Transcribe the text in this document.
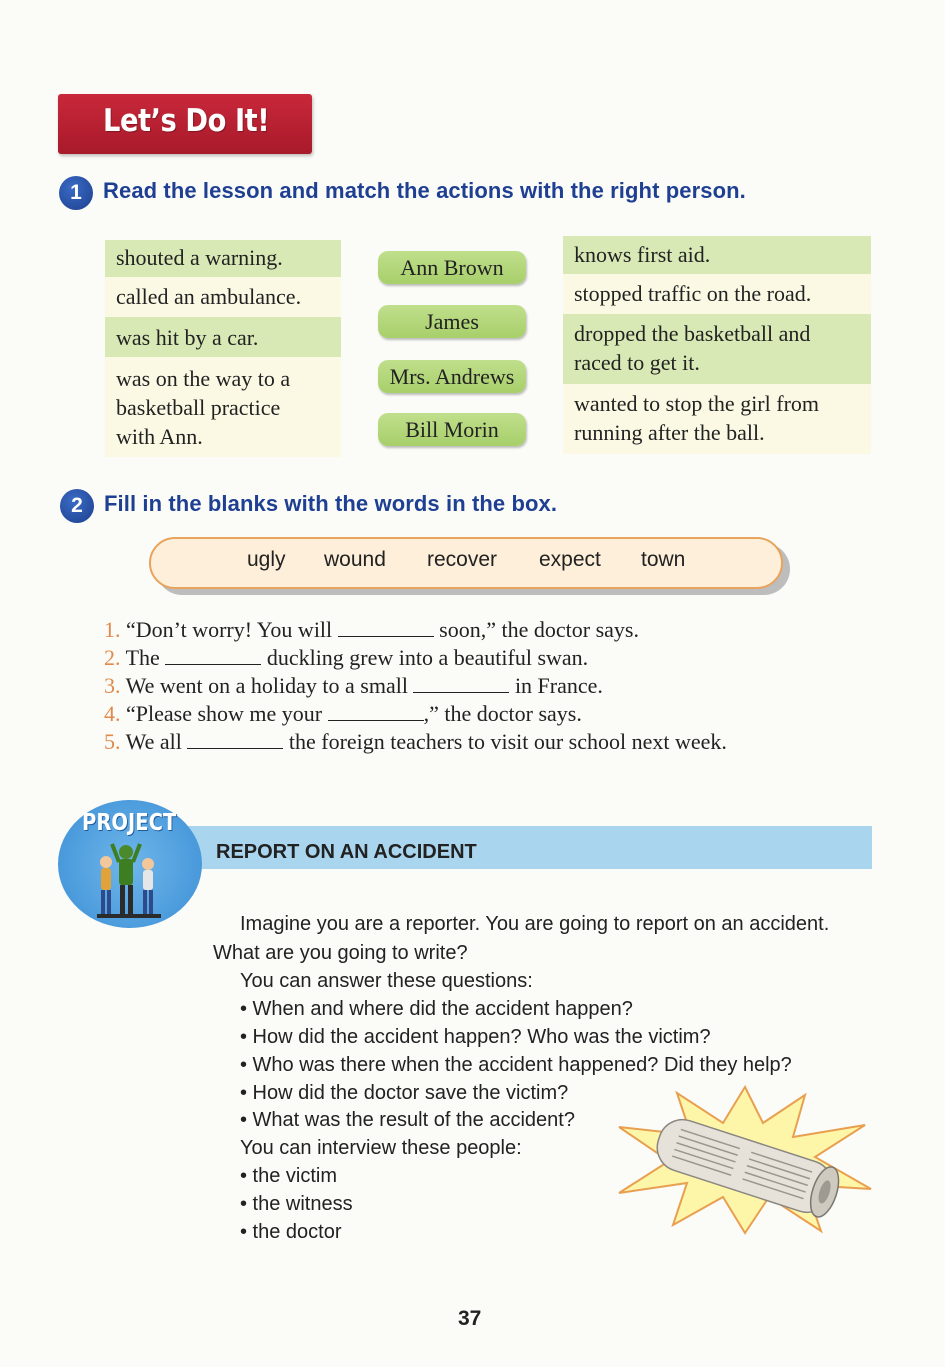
Let’s Do It!
1 Read the lesson and match the actions with the right person.
shouted a warning.
called an ambulance.
was hit by a car.
was on the way to a
basketball practice
with Ann.
Ann Brown
James
Mrs. Andrews
Bill Morin
knows first aid.
stopped traffic on the road.
dropped the basketball and
raced to get it.
wanted to stop the girl from
running after the ball.
2 Fill in the blanks with the words in the box.
ugly wound recover expect town
1. “Don’t worry! You will	soon,” the doctor says.
2. The	duckling grew into a beautiful swan.
3. We went on a holiday to a small	in France.
4. “Please show me your	,” the doctor says.
5. We all	the foreign teachers to visit our school next week.
PROJECT
REPORT ON AN ACCIDENT
Imagine you are a reporter. You are going to report on an accident.
What are you going to write?
You can answer these questions:
• When and where did the accident happen?
• How did the accident happen? Who was the victim?
• Who was there when the accident happened? Did they help?
• How did the doctor save the victim?
• What was the result of the accident?
You can interview these people:
• the victim
• the witness
• the doctor
37
